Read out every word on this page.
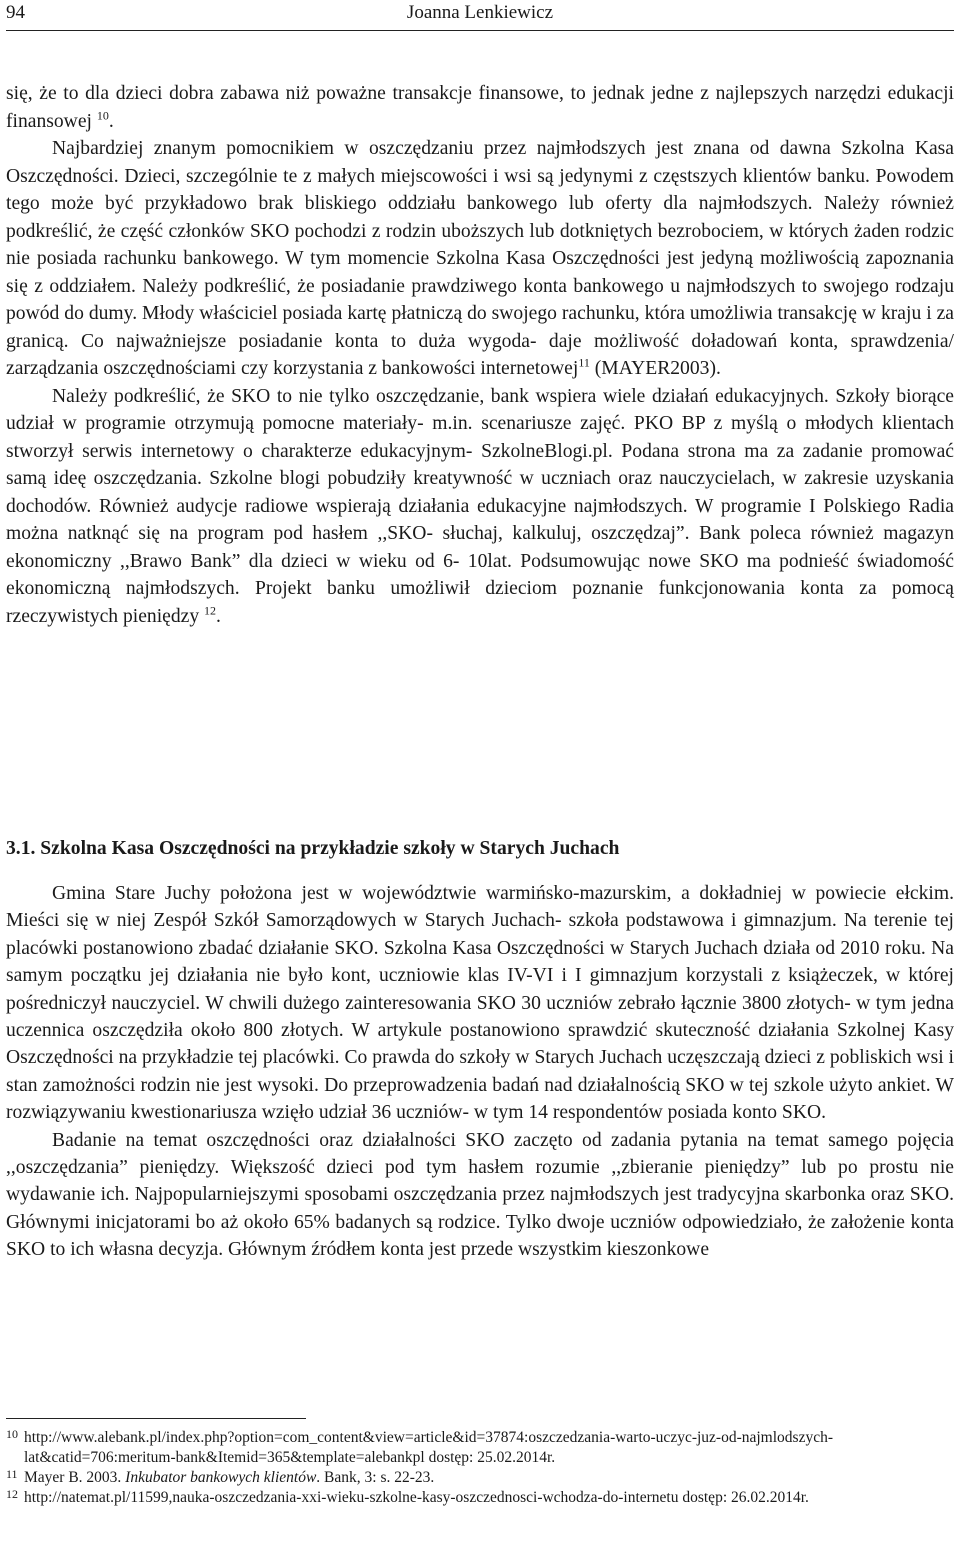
94	Joanna Lenkiewicz

się, że to dla dzieci dobra zabawa niż poważne transakcje finansowe, to jednak jedne z najlepszych narzędzi edukacji finansowej $^{10}$.

Najbardziej znanym pomocnikiem w oszczędzaniu przez najmłodszych jest znana od dawna Szkolna Kasa Oszczędności. Dzieci, szczególnie te z małych miejscowości i wsi są jedynymi z częstszych klientów banku. Powodem tego może być przykładowo brak bliskiego oddziału bankowego lub oferty dla najmłodszych. Należy również podkreślić, że część członków SKO pochodzi z rodzin uboższych lub dotkniętych bezrobociem, w których żaden rodzic nie posiada rachunku bankowego. W tym momencie Szkolna Kasa Oszczędności jest jedyną możliwością zapoznania się z oddziałem. Należy podkreślić, że posiadanie prawdziwego konta bankowego u najmłodszych to swojego rodzaju powód do dumy. Młody właściciel posiada kartę płatniczą do swojego rachunku, która umożliwia transakcję w kraju i za granicą. Co najważniejsze posiadanie konta to duża wygoda- daje możliwość doładowań konta, sprawdzenia/ zarządzania oszczędnościami czy korzystania z bankowości internetowej$^{11}$ (MAYER2003).

Należy podkreślić, że SKO to nie tylko oszczędzanie, bank wspiera wiele działań edukacyjnych. Szkoły biorące udział w programie otrzymują pomocne materiały- m.in. scenariusze zajęć. PKO BP z myślą o młodych klientach stworzył serwis internetowy o charakterze edukacyjnym- SzkolneBlogi.pl. Podana strona ma za zadanie promować samą ideę oszczędzania. Szkolne blogi pobudziły kreatywność w uczniach oraz nauczycielach, w zakresie uzyskania dochodów. Również audycje radiowe wspierają działania edukacyjne najmłodszych. W programie I Polskiego Radia można natknąć się na program pod hasłem ,,SKO- słuchaj, kalkuluj, oszczędzaj”. Bank poleca również magazyn ekonomiczny ,,Brawo Bank” dla dzieci w wieku od 6- 10lat. Podsumowując nowe SKO ma podnieść świadomość ekonomiczną najmłodszych. Projekt banku umożliwił dzieciom poznanie funkcjonowania konta za pomocą rzeczywistych pieniędzy $^{12}$.

3.1. Szkolna Kasa Oszczędności na przykładzie szkoły w Starych Juchach

Gmina Stare Juchy położona jest w województwie warmińsko-mazurskim, a dokładniej w powiecie ełckim. Mieści się w niej Zespół Szkół Samorządowych w Starych Juchach- szkoła podstawowa i gimnazjum. Na terenie tej placówki postanowiono zbadać działanie SKO. Szkolna Kasa Oszczędności w Starych Juchach działa od 2010 roku. Na samym początku jej działania nie było kont, uczniowie klas IV-VI i I gimnazjum korzystali z książeczek, w której pośredniczył nauczyciel. W chwili dużego zainteresowania SKO 30 uczniów zebrało łącznie 3800 złotych- w tym jedna uczennica oszczędziła około 800 złotych. W artykule postanowiono sprawdzić skuteczność działania Szkolnej Kasy Oszczędności na przykładzie tej placówki. Co prawda do szkoły w Starych Juchach uczęszczają dzieci z pobliskich wsi i stan zamożności rodzin nie jest wysoki. Do przeprowadzenia badań nad działalnością SKO w tej szkole użyto ankiet. W rozwiązywaniu kwestionariusza wzięło udział 36 uczniów- w tym 14 respondentów posiada konto SKO.

Badanie na temat oszczędności oraz działalności SKO zaczęto od zadania pytania na temat samego pojęcia ,,oszczędzania” pieniędzy. Większość dzieci pod tym hasłem rozumie ,,zbieranie pieniędzy” lub po prostu nie wydawanie ich. Najpopularniejszymi sposobami oszczędzania przez najmłodszych jest tradycyjna skarbonka oraz SKO. Głównymi inicjatorami bo aż około 65% badanych są rodzice. Tylko dwoje uczniów odpowiedziało, że założenie konta SKO to ich własna decyzja. Głównym źródłem konta jest przede wszystkim kieszonkowe

10 http://www.alebank.pl/index.php?option=com_content&view=article&id=37874:oszczedzania-warto-uczyc-juz-od-najmlodszych-lat&catid=706:meritum-bank&Itemid=365&template=alebankpl dostęp: 25.02.2014r.

11 Mayer B. 2003. Inkubator bankowych klientów. Bank, 3: s. 22-23.

12 http://natemat.pl/11599,nauka-oszczedzania-xxi-wieku-szkolne-kasy-oszczednosci-wchodza-do-internetu dostęp: 26.02.2014r.
